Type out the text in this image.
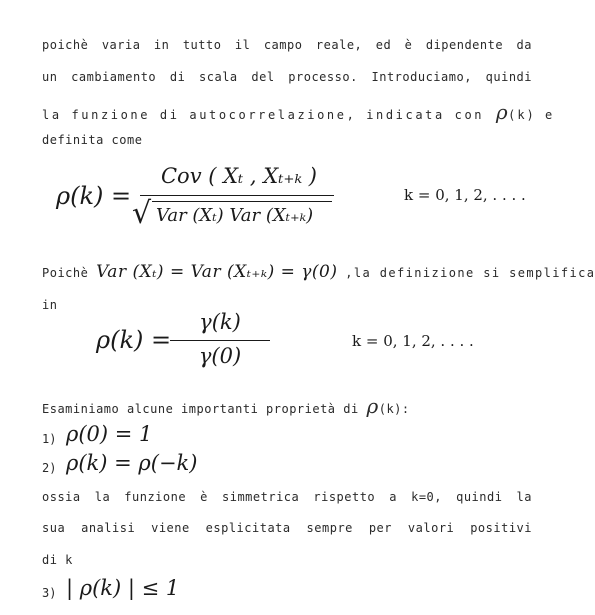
poichè varia in tutto il campo reale, ed è dipendente da
un cambiamento di scala del processo. Introduciamo, quindi
la funzione di autocorrelazione, indicata con ρ(k) e
definita come
ρ(k) =
Cov ( Xₜ , Xₜ₊ₖ )
√ Var (Xₜ) Var (Xₜ₊ₖ)
k = 0, 1, 2, . . . .
Poichè Var (Xₜ) = Var (Xₜ₊ₖ) = γ(0) ,la definizione si semplifica
in
ρ(k) =
γ(k)
γ(0)
k = 0, 1, 2, . . . .
Esaminiamo alcune importanti proprietà di ρ(k):
1) ρ(0) = 1
2) ρ(k) = ρ(−k)
ossia la funzione è simmetrica rispetto a k=0, quindi la
sua analisi viene esplicitata sempre per valori positivi
di k
3) | ρ(k) | ≤ 1
